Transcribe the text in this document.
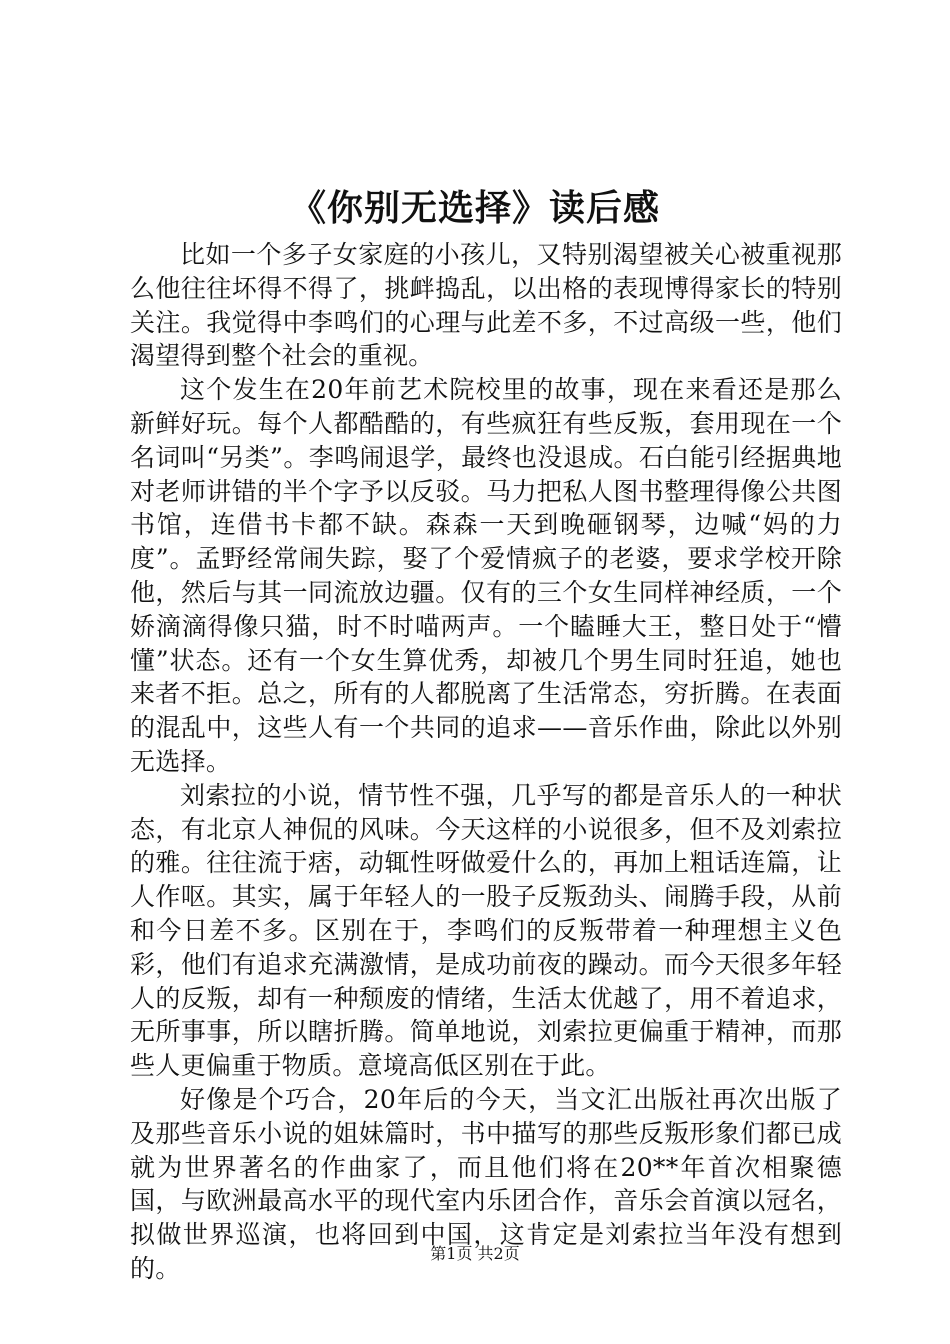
《你别无选择》读后感

比如一个多子女家庭的小孩儿，又特别渴望被关心被重视那么他往往坏得不得了，挑衅捣乱，以出格的表现博得家长的特别关注。我觉得中李鸣们的心理与此差不多，不过高级一些，他们渴望得到整个社会的重视。

这个发生在20年前艺术院校里的故事，现在来看还是那么新鲜好玩。每个人都酷酷的，有些疯狂有些反叛，套用现在一个名词叫“另类”。李鸣闹退学，最终也没退成。石白能引经据典地对老师讲错的半个字予以反驳。马力把私人图书整理得像公共图书馆，连借书卡都不缺。森森一天到晚砸钢琴，边喊“妈的力度”。孟野经常闹失踪，娶了个爱情疯子的老婆，要求学校开除他，然后与其一同流放边疆。仅有的三个女生同样神经质，一个娇滴滴得像只猫，时不时喵两声。一个瞌睡大王，整日处于“懵懂”状态。还有一个女生算优秀，却被几个男生同时狂追，她也来者不拒。总之，所有的人都脱离了生活常态，穷折腾。在表面的混乱中，这些人有一个共同的追求——音乐作曲，除此以外别无选择。

刘索拉的小说，情节性不强，几乎写的都是音乐人的一种状态，有北京人神侃的风味。今天这样的小说很多，但不及刘索拉的雅。往往流于痞，动辄性呀做爱什么的，再加上粗话连篇，让人作呕。其实，属于年轻人的一股子反叛劲头、闹腾手段，从前和今日差不多。区别在于，李鸣们的反叛带着一种理想主义色彩，他们有追求充满激情，是成功前夜的躁动。而今天很多年轻人的反叛，却有一种颓废的情绪，生活太优越了，用不着追求，无所事事，所以瞎折腾。简单地说，刘索拉更偏重于精神，而那些人更偏重于物质。意境高低区别在于此。

好像是个巧合，20年后的今天，当文汇出版社再次出版了及那些音乐小说的姐妹篇时，书中描写的那些反叛形象们都已成就为世界著名的作曲家了，而且他们将在20**年首次相聚德国，与欧洲最高水平的现代室内乐团合作，音乐会首演以冠名，拟做世界巡演，也将回到中国，这肯定是刘索拉当年没有想到的。

第1页 共2页
